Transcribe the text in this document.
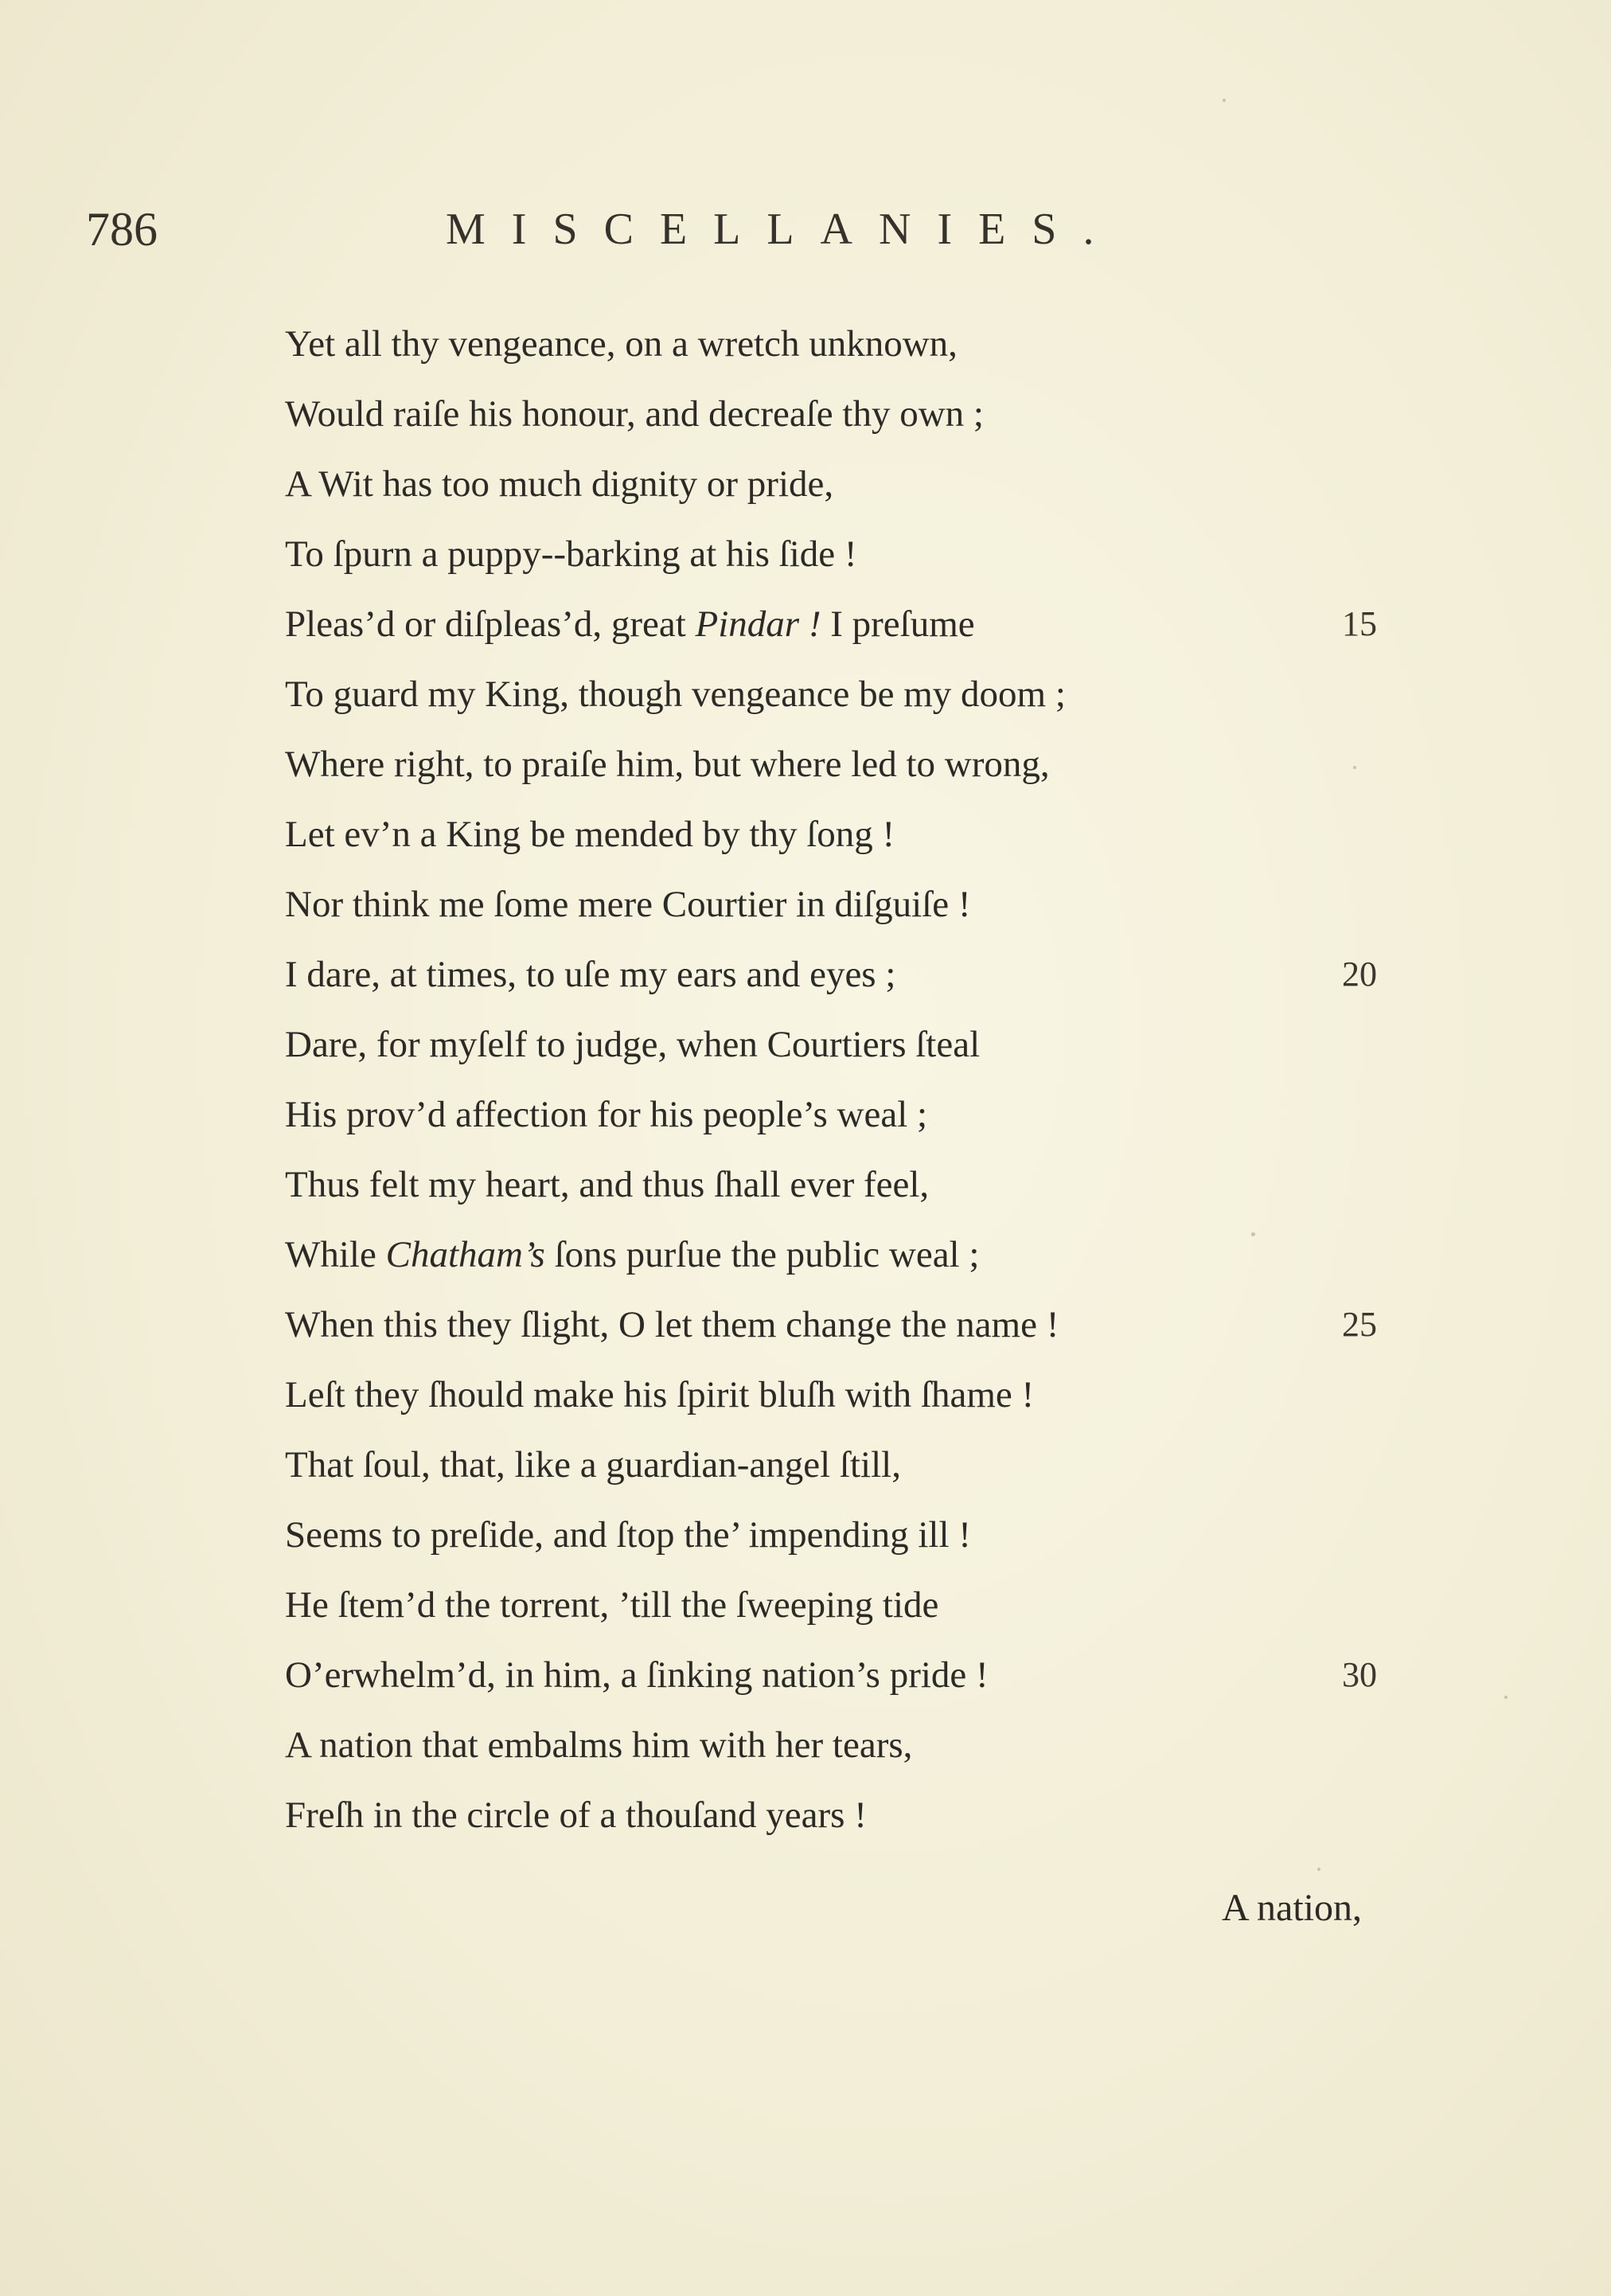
786	MISCELLANIES.
Yet all thy vengeance, on a wretch unknown,
Would raiſe his honour, and decreaſe thy own ;
A Wit has too much dignity or pride,
To ſpurn a puppy--barking at his ſide !
Pleas’d or diſpleas’d, great Pindar ! I preſume	15
To guard my King, though vengeance be my doom ;
Where right, to praiſe him, but where led to wrong,
Let ev’n a King be mended by thy ſong !
Nor think me ſome mere Courtier in diſguiſe !
I dare, at times, to uſe my ears and eyes ;	20
Dare, for myſelf to judge, when Courtiers ſteal
His prov’d affection for his people’s weal ;
Thus felt my heart, and thus ſhall ever feel,
While Chatham’s ſons purſue the public weal ;
When this they ſlight, O let them change the name !	25
Leſt they ſhould make his ſpirit bluſh with ſhame !
That ſoul, that, like a guardian-angel ſtill,
Seems to preſide, and ſtop the’ impending ill !
He ſtem’d the torrent, ’till the ſweeping tide
O’erwhelm’d, in him, a ſinking nation’s pride !	30
A nation that embalms him with her tears,
Freſh in the circle of a thouſand years !
A nation,
